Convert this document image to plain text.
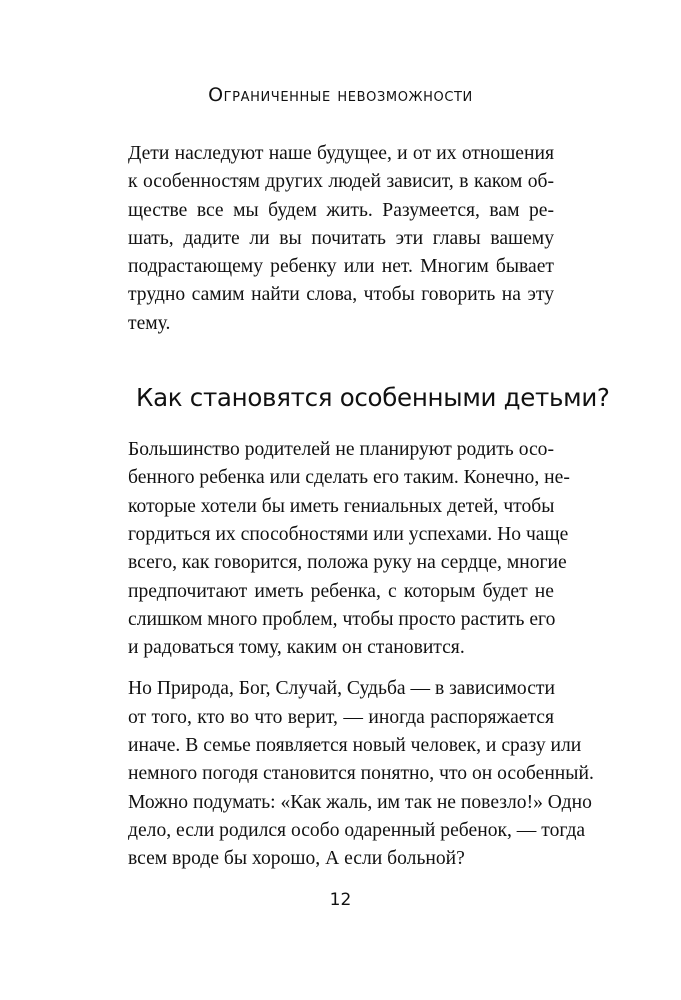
Ограниченные невозможности

Дети наследуют наше будущее, и от их отношения
к особенностям других людей зависит, в каком об-
ществе все мы будем жить. Разумеется, вам ре-
шать, дадите ли вы почитать эти главы вашему
подрастающему ребенку или нет. Многим бывает
трудно самим найти слова, чтобы говорить на эту
тему.

Как становятся особенными детьми?

Большинство родителей не планируют родить осо-
бенного ребенка или сделать его таким. Конечно, не-
которые хотели бы иметь гениальных детей, чтобы
гордиться их способностями или успехами. Но чаще
всего, как говорится, положа руку на сердце, многие
предпочитают иметь ребенка, с которым будет не
слишком много проблем, чтобы просто растить его
и радоваться тому, каким он становится.

Но Природа, Бог, Случай, Судьба — в зависимости
от того, кто во что верит, — иногда распоряжается
иначе. В семье появляется новый человек, и сразу или
немного погодя становится понятно, что он особенный.
Можно подумать: «Как жаль, им так не повезло!» Одно
дело, если родился особо одаренный ребенок, — тогда
всем вроде бы хорошо, А если больной?

12
